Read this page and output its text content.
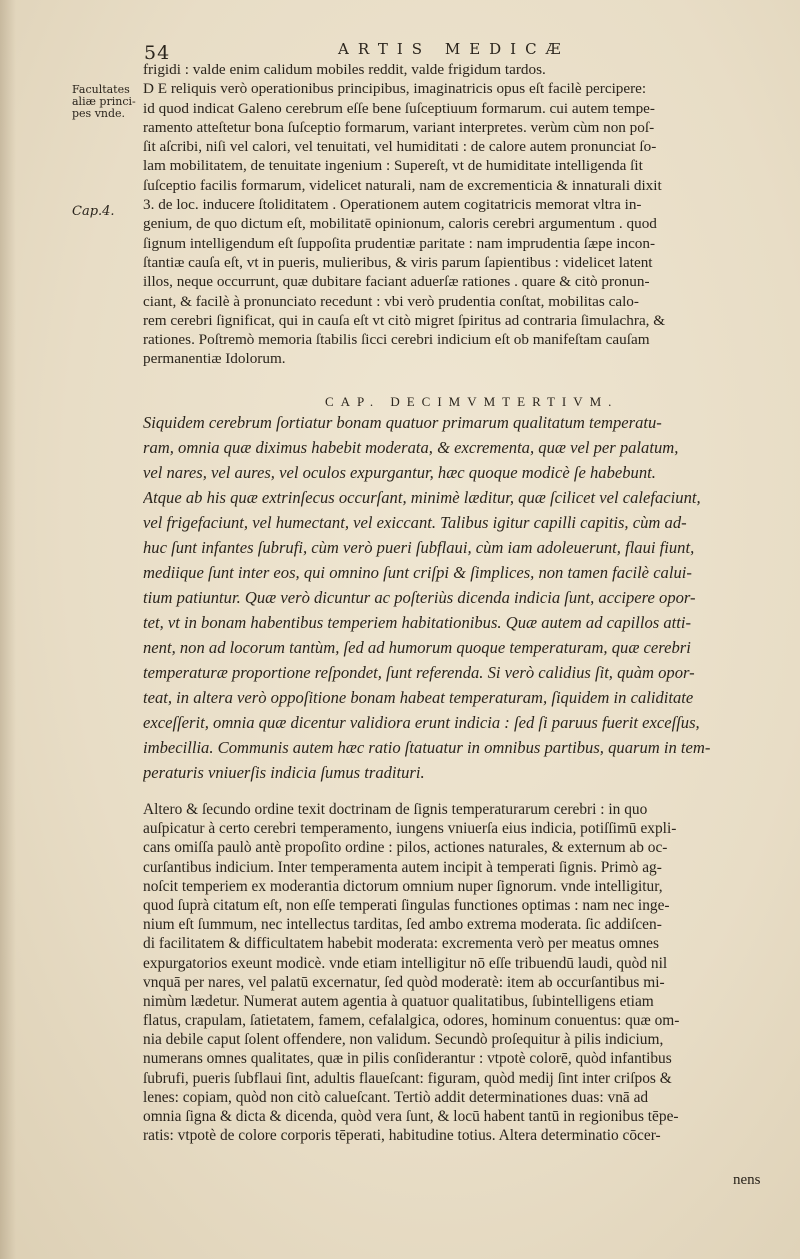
54	ARTIS MEDICÆ
Facultates
aliæ princi-
pes vnde.
Cap.4.
frigidi : valde enim calidum mobiles reddit, valde frigidum tardos.
D E reliquis verò operationibus principibus, imaginatricis opus eſt facilè percipere:
id quod indicat Galeno cerebrum eſſe bene ſuſceptiuum formarum. cui autem tempe-
ramento atteſtetur bona ſuſceptio formarum, variant interpretes. verùm cùm non poſ-
ſit aſcribi, niſi vel calori, vel tenuitati, vel humiditati : de calore autem pronunciat ſo-
lam mobilitatem, de tenuitate ingenium : Supereſt, vt de humiditate intelligenda ſit
ſuſceptio facilis formarum, videlicet naturali, nam de excrementicia & innaturali dixit
3. de loc. inducere ſtoliditatem . Operationem autem cogitatricis memorat vltra in-
genium, de quo dictum eſt, mobilitatē opinionum, caloris cerebri argumentum . quod
ſignum intelligendum eſt ſuppoſita prudentiæ paritate : nam imprudentia ſæpe incon-
ſtantiæ cauſa eſt, vt in pueris, mulieribus, & viris parum ſapientibus : videlicet latent
illos, neque occurrunt, quæ dubitare faciant aduerſæ rationes . quare & citò pronun-
ciant, & facilè à pronunciato recedunt : vbi verò prudentia conſtat, mobilitas calo-
rem cerebri ſignificat, qui in cauſa eſt vt citò migret ſpiritus ad contraria ſimulachra, &
rationes. Poſtremò memoria ſtabilis ſicci cerebri indicium eſt ob manifeſtam cauſam
permanentiæ Idolorum.
CAP. DECIMVMTERTIVM.
Siquidem cerebrum ſortiatur bonam quatuor primarum qualitatum temperatu-
ram, omnia quæ diximus habebit moderata, & excrementa, quæ vel per palatum,
vel nares, vel aures, vel oculos expurgantur, hæc quoque modicè ſe habebunt.
Atque ab his quæ extrinſecus occurſant, minimè læditur, quæ ſcilicet vel calefaciunt,
vel frigefaciunt, vel humectant, vel exiccant. Talibus igitur capilli capitis, cùm ad-
huc ſunt infantes ſubrufi, cùm verò pueri ſubflaui, cùm iam adoleuerunt, flaui fiunt,
mediique ſunt inter eos, qui omnino ſunt criſpi & ſimplices, non tamen facilè calui-
tium patiuntur. Quæ verò dicuntur ac poſteriùs dicenda indicia ſunt, accipere opor-
tet, vt in bonam habentibus temperiem habitationibus. Quæ autem ad capillos atti-
nent, non ad locorum tantùm, ſed ad humorum quoque temperaturam, quæ cerebri
temperaturæ proportione reſpondet, ſunt referenda. Si verò calidius ſit, quàm opor-
teat, in altera verò oppoſitione bonam habeat temperaturam, ſiquidem in caliditate
exceſſerit, omnia quæ dicentur validiora erunt indicia : ſed ſi paruus fuerit exceſſus,
imbecillia. Communis autem hæc ratio ſtatuatur in omnibus partibus, quarum in tem-
peraturis vniuerſis indicia ſumus tradituri.
Altero & ſecundo ordine texit doctrinam de ſignis temperaturarum cerebri : in quo
auſpicatur à certo cerebri temperamento, iungens vniuerſa eius indicia, potiſſimū expli-
cans omiſſa paulò antè propoſito ordine : pilos, actiones naturales, & externum ab oc-
curſantibus indicium. Inter temperamenta autem incipit à temperati ſignis. Primò ag-
noſcit temperiem ex moderantia dictorum omnium nuper ſignorum. vnde intelligitur,
quod ſuprà citatum eſt, non eſſe temperati ſingulas functiones optimas : nam nec inge-
nium eſt ſummum, nec intellectus tarditas, ſed ambo extrema moderata. ſic addiſcen-
di facilitatem & difficultatem habebit moderata: excrementa verò per meatus omnes
expurgatorios exeunt modicè. vnde etiam intelligitur nō eſſe tribuendū laudi, quòd nil
vnquā per nares, vel palatū excernatur, ſed quòd moderatè: item ab occurſantibus mi-
nimùm lædetur. Numerat autem agentia à quatuor qualitatibus, ſubintelligens etiam
flatus, crapulam, ſatietatem, famem, cefalalgica, odores, hominum conuentus: quæ om-
nia debile caput ſolent offendere, non validum. Secundò proſequitur à pilis indicium,
numerans omnes qualitates, quæ in pilis conſiderantur : vtpotè colorē, quòd infantibus
ſubrufi, pueris ſubflaui ſint, adultis flaueſcant: figuram, quòd medij ſint inter criſpos &
lenes: copiam, quòd non citò calueſcant. Tertiò addit determinationes duas: vnā ad
omnia ſigna & dicta & dicenda, quòd vera ſunt, & locū habent tantū in regionibus tēpe-
ratis: vtpotè de colore corporis tēperati, habitudine totius. Altera determinatio cōcer-
nens
